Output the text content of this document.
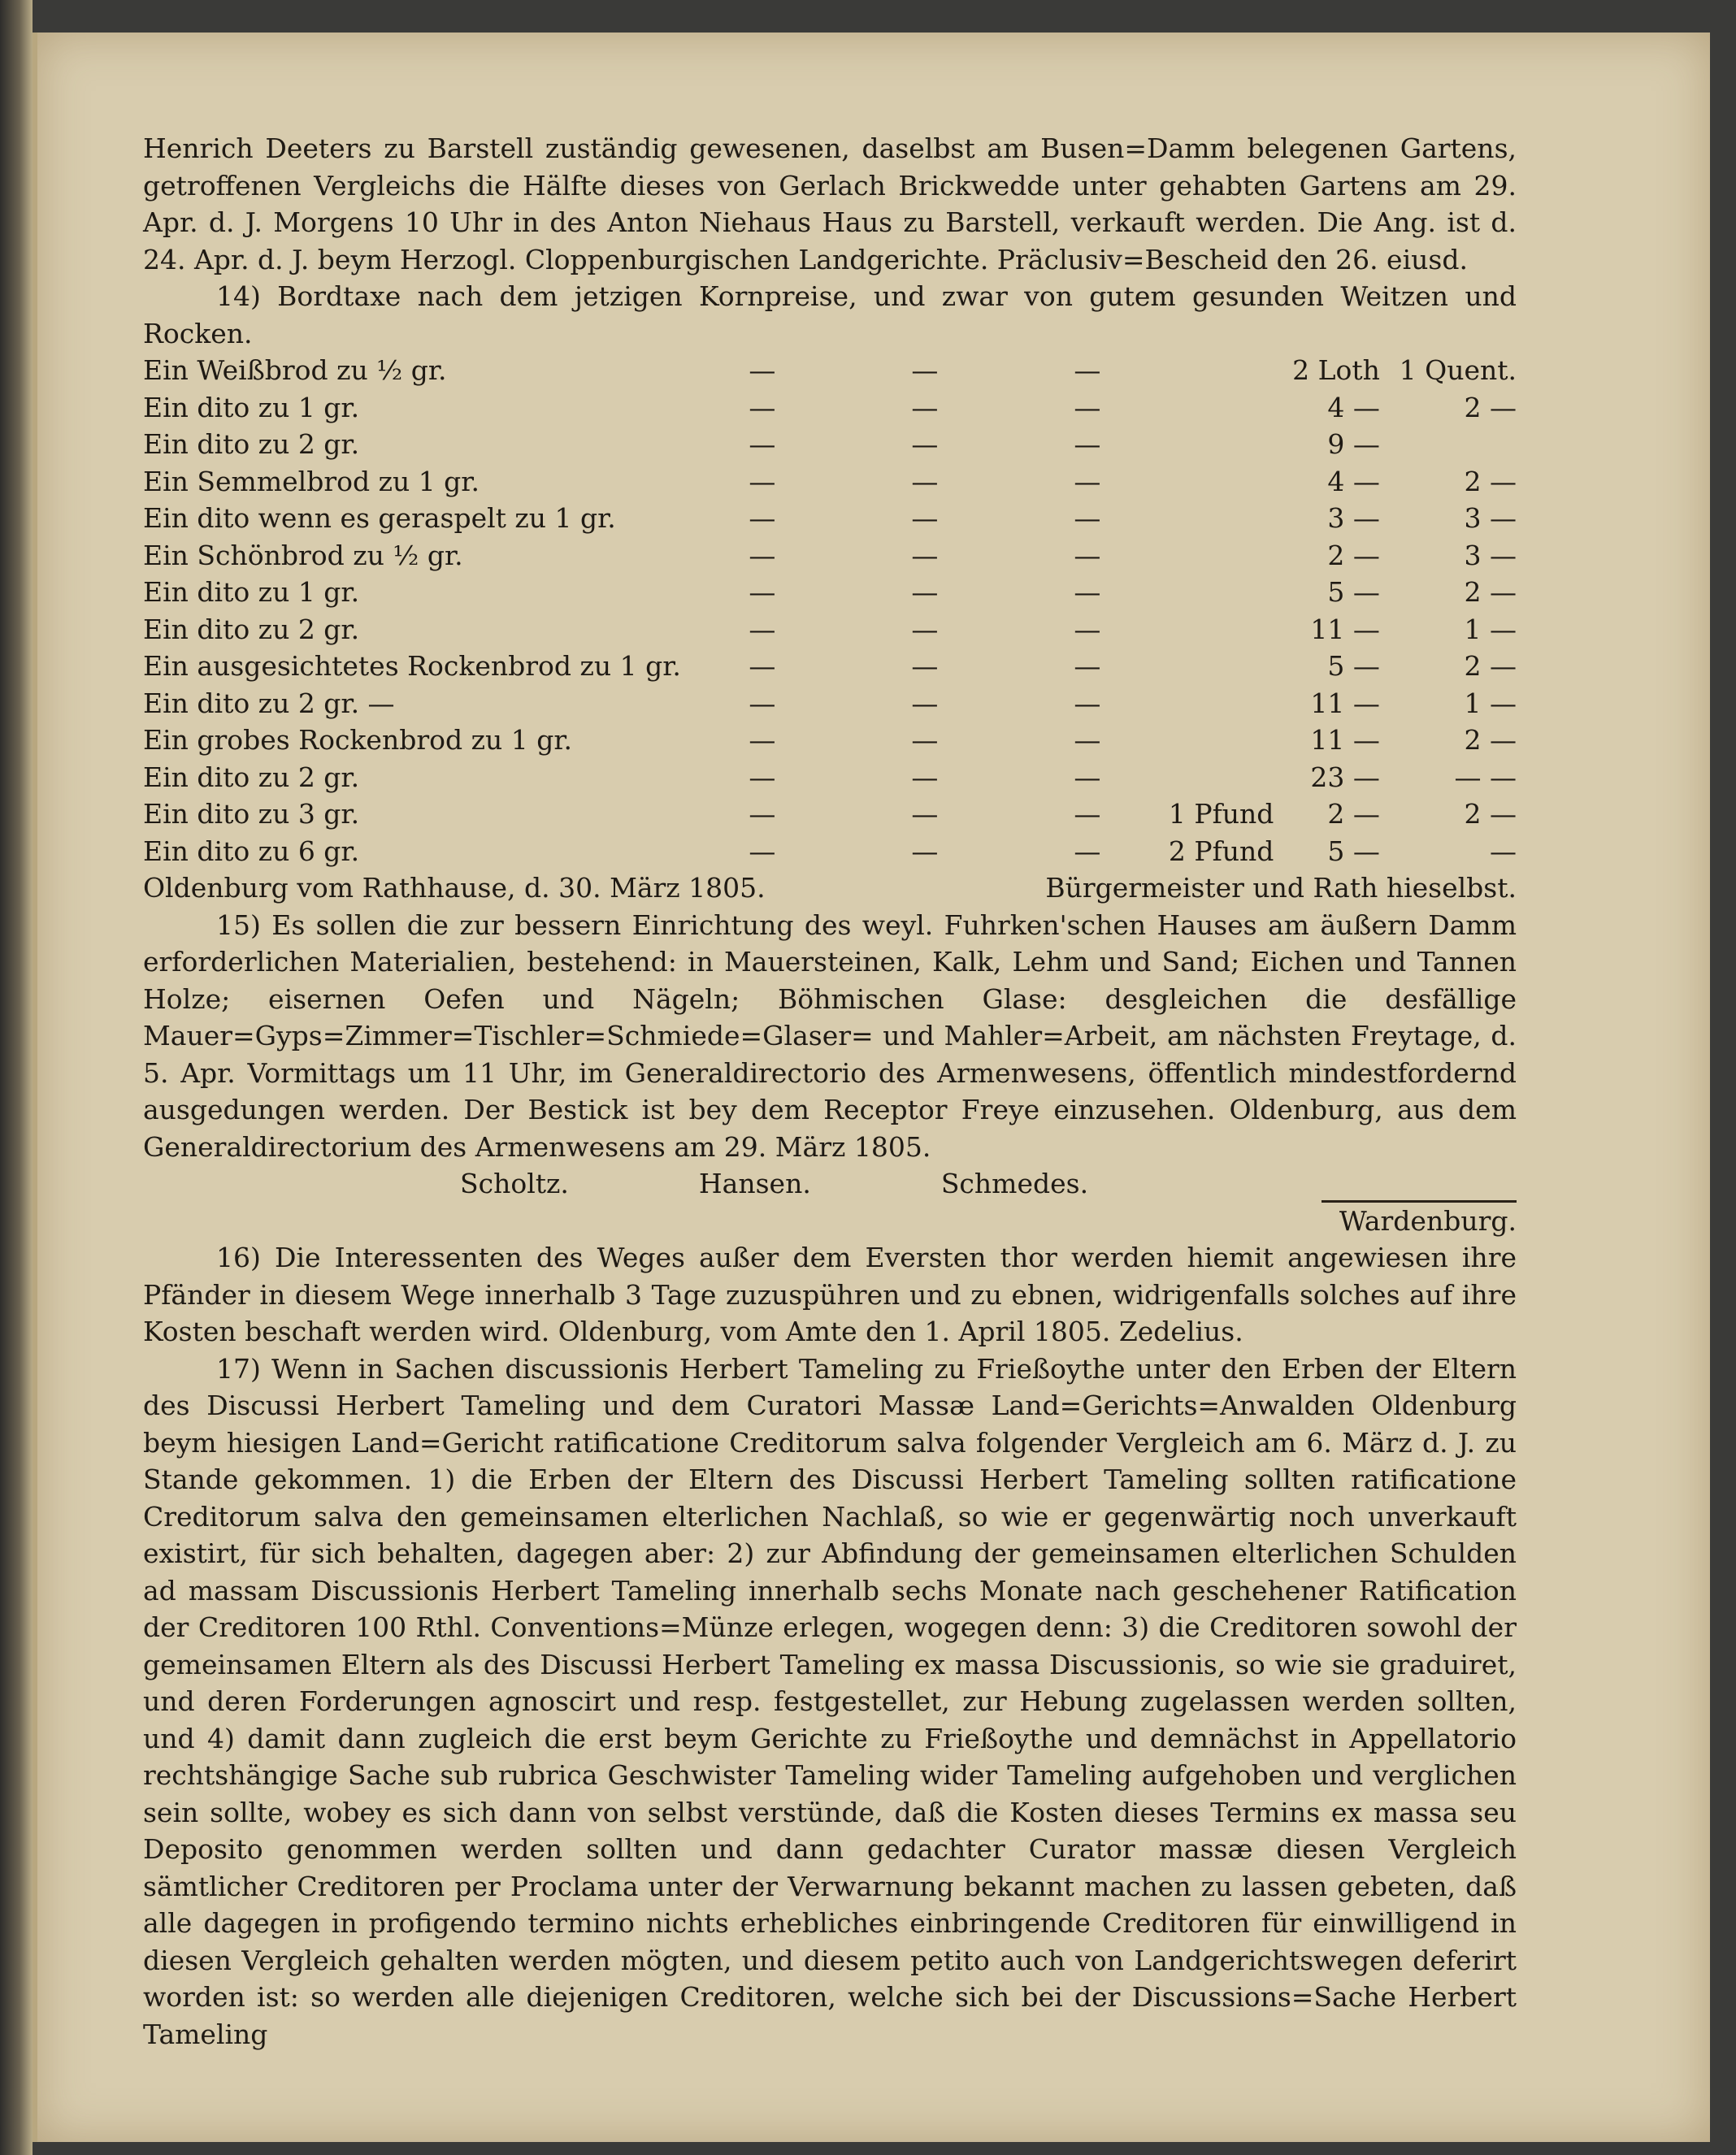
Henrich Deeters zu Barstell zuständig gewesenen, daselbst am Busen=Damm belegenen Gartens, getroffenen Vergleichs die Hälfte dieses von Gerlach Brickwedde unter gehabten Gartens am 29. Apr. d. J. Morgens 10 Uhr in des Anton Niehaus Haus zu Barstell, verkauft werden. Die Ang. ist d. 24. Apr. d. J. beym Herzogl. Cloppenburgischen Landgerichte. Präclusiv=Bescheid den 26. eiusd.

14) Bordtaxe nach dem jetzigen Kornpreise, und zwar von gutem gesunden Weitzen und Rocken.

Ein Weißbrod zu ½ gr.	—	—	—		2 Loth	1 Quent.
Ein dito zu 1 gr.	—	—	—		4 —	2 —
Ein dito zu 2 gr.	—	—	—		9 —	
Ein Semmelbrod zu 1 gr.	—	—	—		4 —	2 —
Ein dito wenn es geraspelt zu 1 gr.	—	—	—		3 —	3 —
Ein Schönbrod zu ½ gr.	—	—	—		2 —	3 —
Ein dito zu 1 gr.	—	—	—		5 —	2 —
Ein dito zu 2 gr.	—	—	—		11 —	1 —
Ein ausgesichtetes Rockenbrod zu 1 gr.	—	—	—		5 —	2 —
Ein dito zu 2 gr. —	—	—	—		11 —	1 —
Ein grobes Rockenbrod zu 1 gr.	—	—	—		11 —	2 —
Ein dito zu 2 gr.	—	—	—		23 —	— —
Ein dito zu 3 gr.	—	—	—	1 Pfund	2 —	2 —
Ein dito zu 6 gr.	—	—	—	2 Pfund	5 —	—
Oldenburg vom Rathhause, d. 30. März 1805.	Bürgermeister und Rath hieselbst.

15) Es sollen die zur bessern Einrichtung des weyl. Fuhrken'schen Hauses am äußern Damm erforderlichen Materialien, bestehend: in Mauersteinen, Kalk, Lehm und Sand; Eichen und Tannen Holze; eisernen Oefen und Nägeln; Böhmischen Glase: desgleichen die desfällige Mauer=Gyps=Zimmer=Tischler=Schmiede=Glaser= und Mahler=Arbeit, am nächsten Freytage, d. 5. Apr. Vormittags um 11 Uhr, im Generaldirectorio des Armenwesens, öffentlich mindestfordernd ausgedungen werden. Der Bestick ist bey dem Receptor Freye einzusehen. Oldenburg, aus dem Generaldirectorium des Armenwesens am 29. März 1805.

Scholtz.	Hansen.	Schmedes.

Wardenburg.

16) Die Interessenten des Weges außer dem Eversten thor werden hiemit angewiesen ihre Pfänder in diesem Wege innerhalb 3 Tage zuzuspühren und zu ebnen, widrigenfalls solches auf ihre Kosten beschaft werden wird. Oldenburg, vom Amte den 1. April 1805. Zedelius.

17) Wenn in Sachen discussionis Herbert Tameling zu Frießoythe unter den Erben der Eltern des Discussi Herbert Tameling und dem Curatori Massæ Land=Gerichts=Anwalden Oldenburg beym hiesigen Land=Gericht ratificatione Creditorum salva folgender Vergleich am 6. März d. J. zu Stande gekommen. 1) die Erben der Eltern des Discussi Herbert Tameling sollten ratificatione Creditorum salva den gemeinsamen elterlichen Nachlaß, so wie er gegenwärtig noch unverkauft existirt, für sich behalten, dagegen aber: 2) zur Abfindung der gemeinsamen elterlichen Schulden ad massam Discussionis Herbert Tameling innerhalb sechs Monate nach geschehener Ratification der Creditoren 100 Rthl. Conventions=Münze erlegen, wogegen denn: 3) die Creditoren sowohl der gemeinsamen Eltern als des Discussi Herbert Tameling ex massa Discussionis, so wie sie graduiret, und deren Forderungen agnoscirt und resp. festgestellet, zur Hebung zugelassen werden sollten, und 4) damit dann zugleich die erst beym Gerichte zu Frießoythe und demnächst in Appellatorio rechtshängige Sache sub rubrica Geschwister Tameling wider Tameling aufgehoben und verglichen sein sollte, wobey es sich dann von selbst verstünde, daß die Kosten dieses Termins ex massa seu Deposito genommen werden sollten und dann gedachter Curator massæ diesen Vergleich sämtlicher Creditoren per Proclama unter der Verwarnung bekannt machen zu lassen gebeten, daß alle dagegen in profigendo termino nichts erhebliches einbringende Creditoren für einwilligend in diesen Vergleich gehalten werden mögten, und diesem petito auch von Landgerichtswegen deferirt worden ist: so werden alle diejenigen Creditoren, welche sich bei der Discussions=Sache Herbert Tameling
